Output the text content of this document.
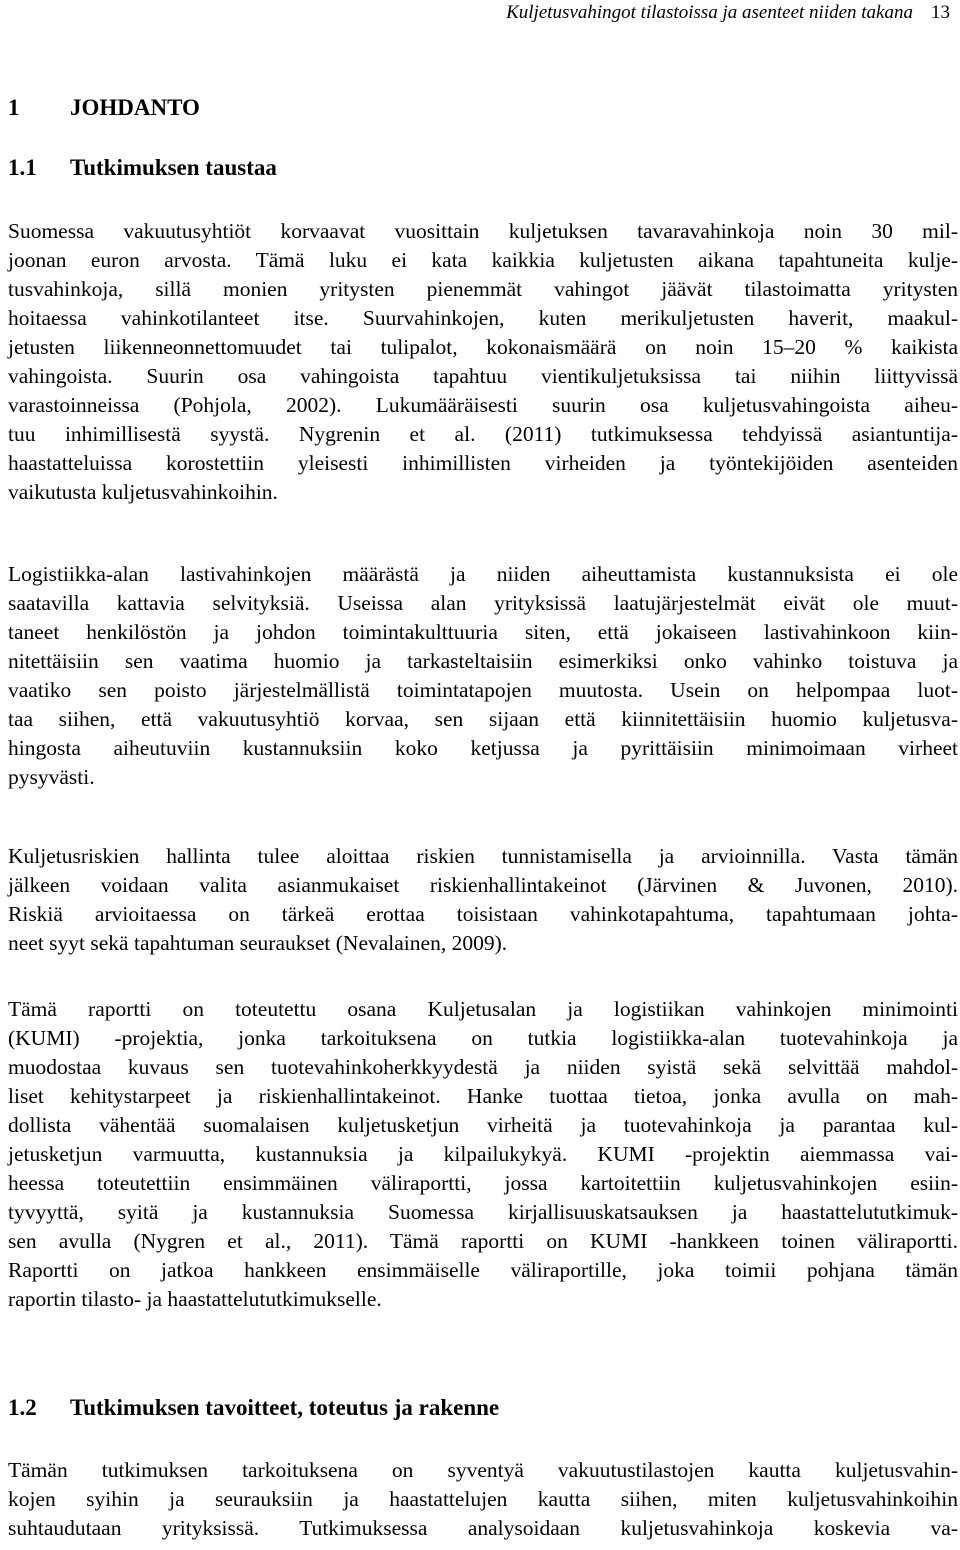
Kuljetusvahingot tilastoissa ja asenteet niiden takana 13
1 JOHDANTO
1.1 Tutkimuksen taustaa
Suomessa vakuutusyhtiöt korvaavat vuosittain kuljetuksen tavaravahinkoja noin 30 mil-
joonan euron arvosta. Tämä luku ei kata kaikkia kuljetusten aikana tapahtuneita kulje-
tusvahinkoja, sillä monien yritysten pienemmät vahingot jäävät tilastoimatta yritysten
hoitaessa vahinkotilanteet itse. Suurvahinkojen, kuten merikuljetusten haverit, maakul-
jetusten liikenneonnettomuudet tai tulipalot, kokonaismäärä on noin 15–20 % kaikista
vahingoista. Suurin osa vahingoista tapahtuu vientikuljetuksissa tai niihin liittyvissä
varastoinneissa (Pohjola, 2002). Lukumääräisesti suurin osa kuljetusvahingoista aiheu-
tuu inhimillisestä syystä. Nygrenin et al. (2011) tutkimuksessa tehdyissä asiantuntija-
haastatteluissa korostettiin yleisesti inhimillisten virheiden ja työntekijöiden asenteiden
vaikutusta kuljetusvahinkoihin.
Logistiikka-alan lastivahinkojen määrästä ja niiden aiheuttamista kustannuksista ei ole
saatavilla kattavia selvityksiä. Useissa alan yrityksissä laatujärjestelmät eivät ole muut-
taneet henkilöstön ja johdon toimintakulttuuria siten, että jokaiseen lastivahinkoon kiin-
nitettäisiin sen vaatima huomio ja tarkasteltaisiin esimerkiksi onko vahinko toistuva ja
vaatiko sen poisto järjestelmällistä toimintatapojen muutosta. Usein on helpompaa luot-
taa siihen, että vakuutusyhtiö korvaa, sen sijaan että kiinnitettäisiin huomio kuljetusva-
hingosta aiheutuviin kustannuksiin koko ketjussa ja pyrittäisiin minimoimaan virheet
pysyvästi.
Kuljetusriskien hallinta tulee aloittaa riskien tunnistamisella ja arvioinnilla. Vasta tämän
jälkeen voidaan valita asianmukaiset riskienhallintakeinot (Järvinen & Juvonen, 2010).
Riskiä arvioitaessa on tärkeä erottaa toisistaan vahinkotapahtuma, tapahtumaan johta-
neet syyt sekä tapahtuman seuraukset (Nevalainen, 2009).
Tämä raportti on toteutettu osana Kuljetusalan ja logistiikan vahinkojen minimointi
(KUMI) -projektia, jonka tarkoituksena on tutkia logistiikka-alan tuotevahinkoja ja
muodostaa kuvaus sen tuotevahinkoherkkyydestä ja niiden syistä sekä selvittää mahdol-
liset kehitystarpeet ja riskienhallintakeinot. Hanke tuottaa tietoa, jonka avulla on mah-
dollista vähentää suomalaisen kuljetusketjun virheitä ja tuotevahinkoja ja parantaa kul-
jetusketjun varmuutta, kustannuksia ja kilpailukykyä. KUMI -projektin aiemmassa vai-
heessa toteutettiin ensimmäinen väliraportti, jossa kartoitettiin kuljetusvahinkojen esiin-
tyvyyttä, syitä ja kustannuksia Suomessa kirjallisuuskatsauksen ja haastattelututkimuk-
sen avulla (Nygren et al., 2011). Tämä raportti on KUMI -hankkeen toinen väliraportti.
Raportti on jatkoa hankkeen ensimmäiselle väliraportille, joka toimii pohjana tämän
raportin tilasto- ja haastattelututkimukselle.
1.2 Tutkimuksen tavoitteet, toteutus ja rakenne
Tämän tutkimuksen tarkoituksena on syventyä vakuutustilastojen kautta kuljetusvahin-
kojen syihin ja seurauksiin ja haastattelujen kautta siihen, miten kuljetusvahinkoihin
suhtaudutaan yrityksissä. Tutkimuksessa analysoidaan kuljetusvahinkoja koskevia va-
